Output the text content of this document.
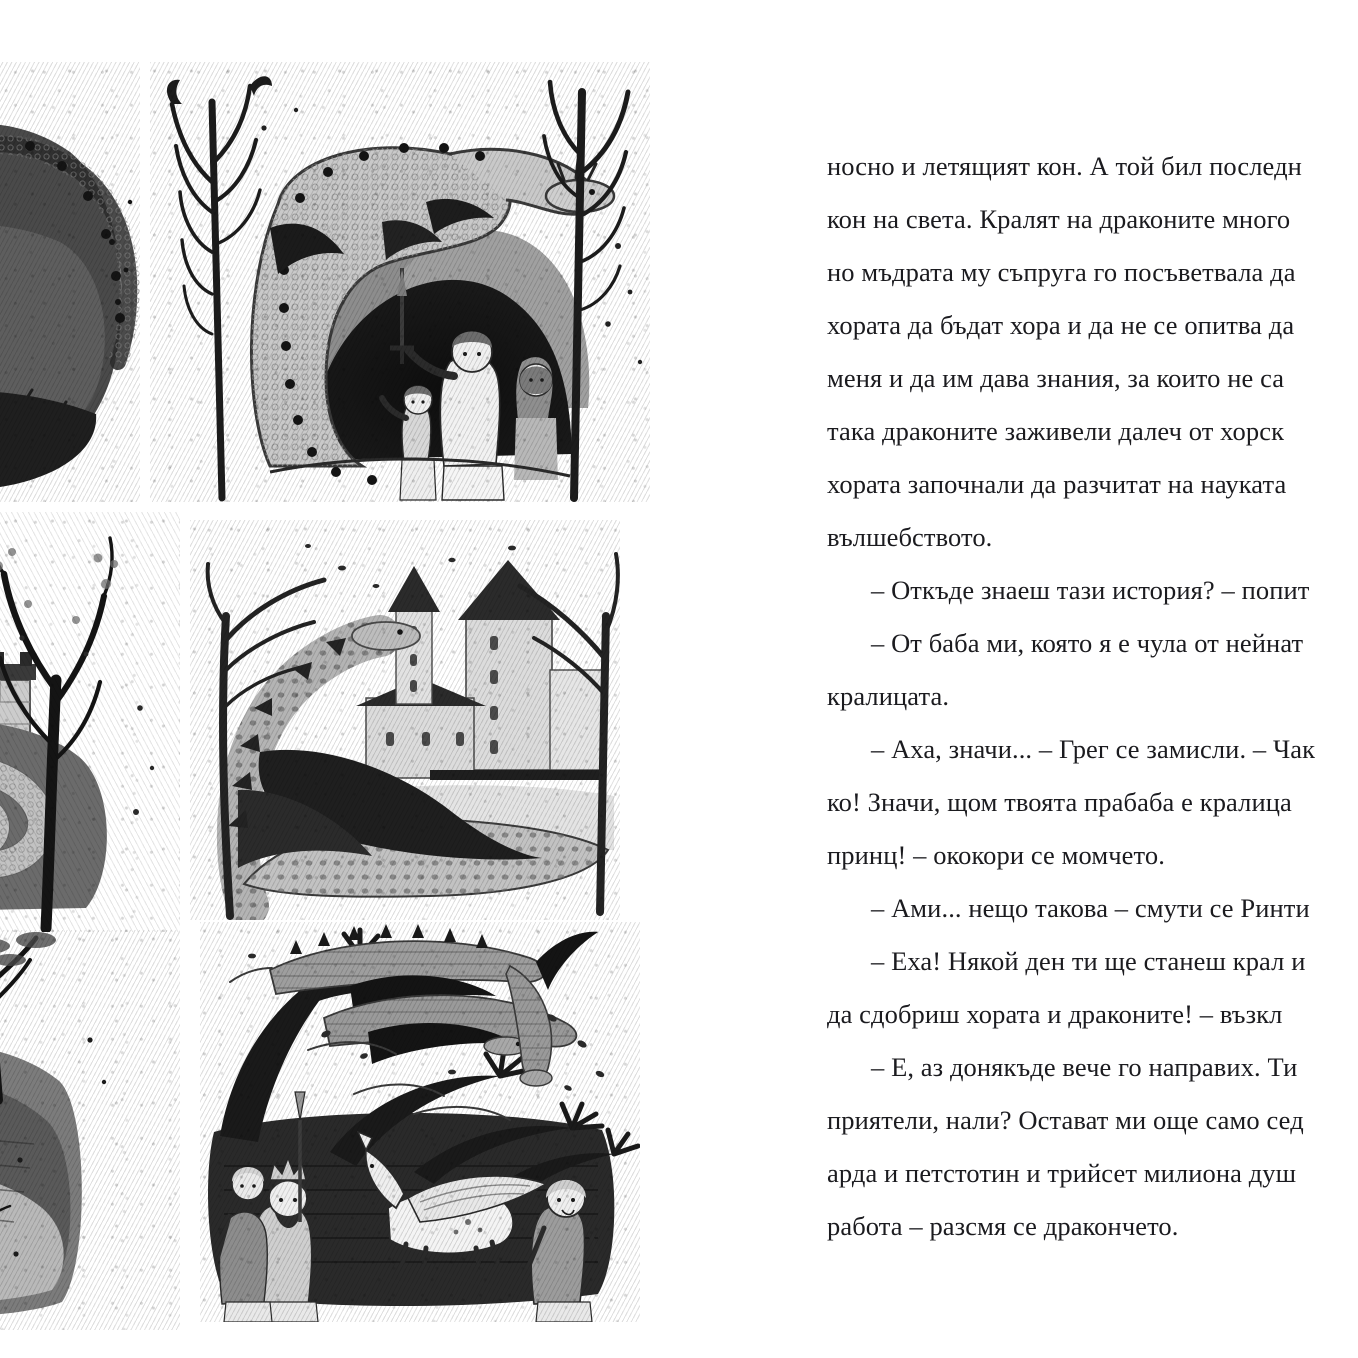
носно и летящият кон. А той бил последн
кон на света. Кралят на драконите много
но мъдрата му съпруга го посъветвала да
хората да бъдат хора и да не се опитва да
меня и да им дава знания, за които не са
така драконите заживели далеч от хорск
хората започнали да разчитат на науката
вълшебството.

– Откъде знаеш тази история? – попит

– От баба ми, която я е чула от нейнат
кралицата.

– Аха, значи... – Грег се замисли. – Чак
ко! Значи, щом твоята прабаба е кралица
принц! – ококори се момчето.

– Ами... нещо такова – смути се Ринти

– Еха! Някой ден ти ще станеш крал и
да сдобриш хората и драконите! – възкл

– Е, аз донякъде вече го направих. Ти
приятели, нали? Остават ми още само сед
арда и петстотин и трийсет милиона душ
работа – разсмя се дракончето.
